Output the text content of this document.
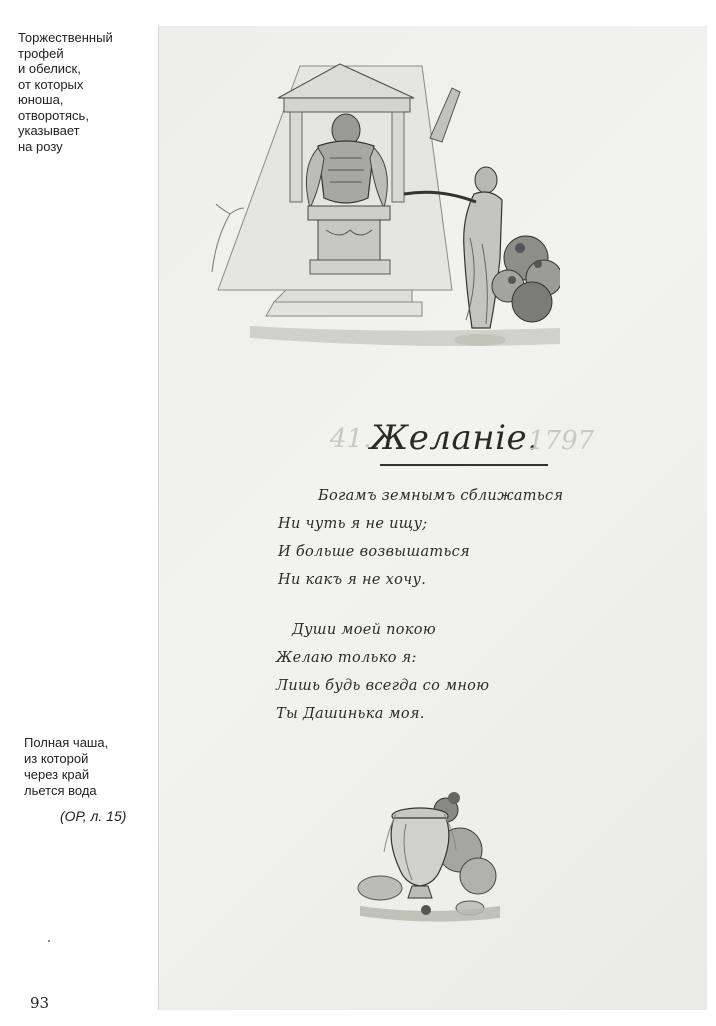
Торжественный
трофей
и обелиск,
от которых
юноша,
отворотясь,
указывает
на розу
Полная чаша,
из которой
через край
льется вода
(ОР, л. 15)
93
41.
Желаніе.
1797
Богамъ земнымъ сближаться
Ни чуть я не ищу;
И больше возвышаться
Ни какъ я не хочу.
Души моей покою
Желаю только я:
Лишь будь всегда со мною
Ты Дашинька моя.
